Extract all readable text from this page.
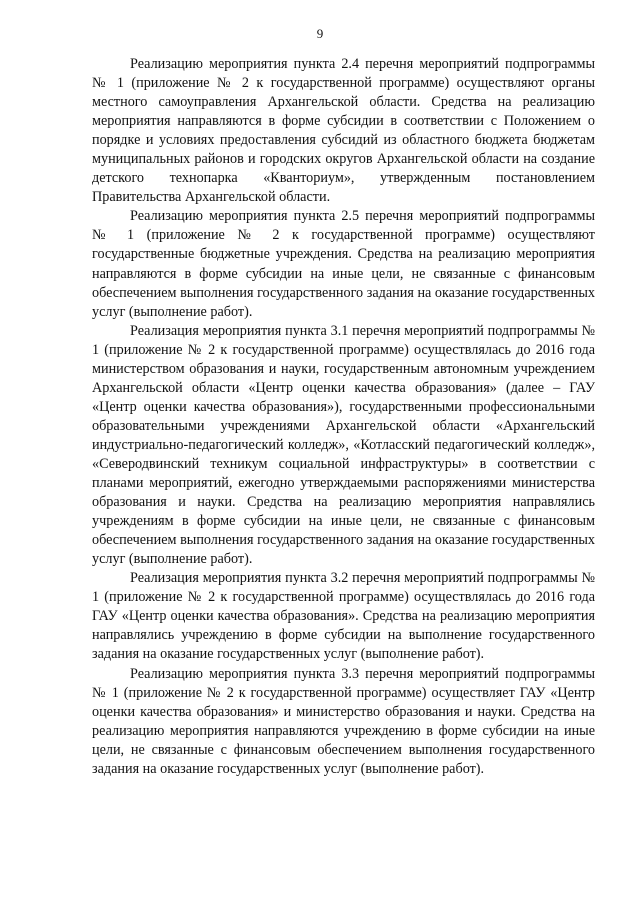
9

Реализацию мероприятия пункта 2.4 перечня мероприятий подпрограммы № 1 (приложение № 2 к государственной программе) осуществляют органы местного самоуправления Архангельской области. Средства на реализацию мероприятия направляются в форме субсидии в соответствии с Положением о порядке и условиях предоставления субсидий из областного бюджета бюджетам муниципальных районов и городских округов Архангельской области на создание детского технопарка «Кванториум», утвержденным постановлением Правительства Архангельской области.

Реализацию мероприятия пункта 2.5 перечня мероприятий подпрограммы № 1 (приложение № 2 к государственной программе) осуществляют государственные бюджетные учреждения. Средства на реализацию мероприятия направляются в форме субсидии на иные цели, не связанные с финансовым обеспечением выполнения государственного задания на оказание государственных услуг (выполнение работ).

Реализация мероприятия пункта 3.1 перечня мероприятий подпрограммы № 1 (приложение № 2 к государственной программе) осуществлялась до 2016 года министерством образования и науки, государственным автономным учреждением Архангельской области «Центр оценки качества образования» (далее – ГАУ «Центр оценки качества образования»), государственными профессиональными образовательными учреждениями Архангельской области «Архангельский индустриально-педагогический колледж», «Котласский педагогический колледж», «Северодвинский техникум социальной инфраструктуры» в соответствии с планами мероприятий, ежегодно утверждаемыми распоряжениями министерства образования и науки. Средства на реализацию мероприятия направлялись учреждениям в форме субсидии на иные цели, не связанные с финансовым обеспечением выполнения государственного задания на оказание государственных услуг (выполнение работ).

Реализация мероприятия пункта 3.2 перечня мероприятий подпрограммы № 1 (приложение № 2 к государственной программе) осуществлялась до 2016 года ГАУ «Центр оценки качества образования». Средства на реализацию мероприятия направлялись учреждению в форме субсидии на выполнение государственного задания на оказание государственных услуг (выполнение работ).

Реализацию мероприятия пункта 3.3 перечня мероприятий подпрограммы № 1 (приложение № 2 к государственной программе) осуществляет ГАУ «Центр оценки качества образования» и министерство образования и науки. Средства на реализацию мероприятия направляются учреждению в форме субсидии на иные цели, не связанные с финансовым обеспечением выполнения государственного задания на оказание государственных услуг (выполнение работ).
